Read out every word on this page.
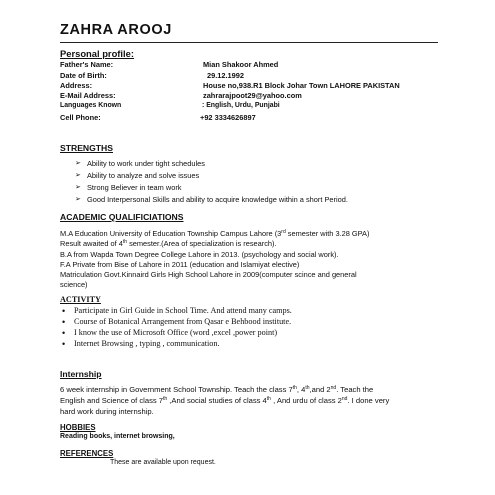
ZAHRA AROOJ
Personal profile:
Father's Name:	Mian Shakoor Ahmed
Date of Birth:	29.12.1992
Address:	House no,938.R1 Block Johar Town LAHORE PAKISTAN
E-Mail Address:	zahrarajpoot29@yahoo.com
Languages Known	: English, Urdu, Punjabi
Cell Phone:	+92 3334626897
STRENGTHS
➢ Ability to work under tight schedules
➢ Ability to analyze and solve issues
➢ Strong Believer in team work
➢ Good Interpersonal Skills and ability to acquire knowledge within a short Period.
ACADEMIC QUALIFICIATIONS
M.A Education University of Education Township Campus Lahore (3rd semester with 3.28 GPA)
Result awaited of 4th semester.(Area of specialization is research).
B.A from Wapda Town Degree College Lahore in 2013. (psychology and social work).
F.A Private from Bise of Lahore in 2011 (education and Islamiyat elective)
Matriculation Govt.Kinnaird Girls High School Lahore in 2009(computer scince and general
science)
ACTIVITY
• Participate in Girl Guide in School Time. And attend many camps.
• Course of Botanical Arrangement from Qasar e Behbood institute.
• I know the use of Microsoft Office (word ,excel ,power point)
• Internet Browsing , typing , communication.
Internship
6 week internship in Government School Township. Teach the class 7th, 4th,and 2nd. Teach the
English and Science of class 7th ,And social studies of class 4th , And urdu of class 2nd. I done very
hard work during internship.
HOBBIES
Reading books, internet browsing,
REFERENCES
These are available upon request.
